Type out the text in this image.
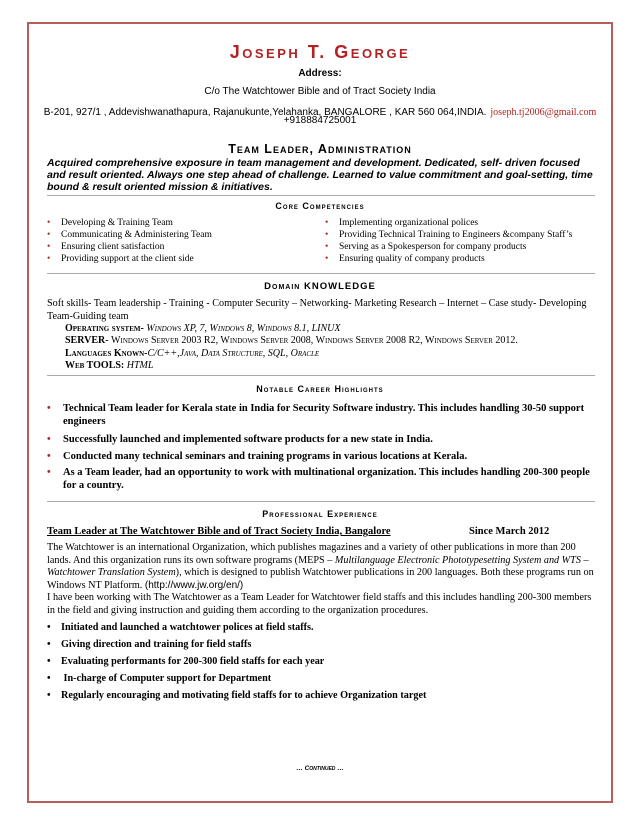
Joseph T. George
Address:
C/o The Watchtower Bible and of Tract Society India
B-201, 927/1 , Addevishwanathapura, Rajanukunte,Yelahanka, BANGALORE , KAR 560 064,INDIA. joseph.tj2006@gmail.com
+918884725001
Team Leader, Administration
Acquired comprehensive exposure in team management and development. Dedicated, self- driven focused and result oriented. Always one step ahead of challenge. Learned to value commitment and goal-setting, time bound & result oriented mission & initiatives.
Core Competencies
• Developing & Training Team
• Communicating & Administering Team
• Ensuring client satisfaction
• Providing support at the client side
• Implementing organizational polices
• Providing Technical Training to Engineers &company Staff’s
• Serving as a Spokesperson for company products
• Ensuring quality of company products
Domain KNOWLEDGE
Soft skills- Team leadership - Training - Computer Security – Networking- Marketing Research – Internet – Case study- Developing Team-Guiding team
Operating system- Windows XP, 7, Windows 8, Windows 8.1, LINUX
SERVER- Windows Server 2003 R2, Windows Server 2008, Windows Server 2008 R2, Windows Server 2012.
Languages Known-C/C++,Java, Data Structure, SQL, Oracle
Web TOOLS: HTML
Notable Career Highlights
• Technical Team leader for Kerala state in India for Security Software industry. This includes handling 30-50 support engineers
• Successfully launched and implemented software products for a new state in India.
• Conducted many technical seminars and training programs in various locations at Kerala.
• As a Team leader, had an opportunity to work with multinational organization. This includes handling 200-300 people for a country.
Professional Experience
Team Leader at The Watchtower Bible and of Tract Society India, Bangalore	Since March 2012
The Watchtower is an international Organization, which publishes magazines and a variety of other publications in more than 200 lands. And this organization runs its own software programs (MEPS – Multilanguage Electronic Phototypesetting System and WTS – Watchtower Translation System), which is designed to publish Watchtower publications in 200 languages. Both these programs run on Windows NT Platform. (http://www.jw.org/en/)
I have been working with The Watchtower as a Team Leader for Watchtower field staffs and this includes handling 200-300 members in the field and giving instruction and guiding them according to the organization procedures.
• Initiated and launched a watchtower polices at field staffs.
• Giving direction and training for field staffs
• Evaluating performants for 200-300 field staffs for each year
• In-charge of Computer support for Department
• Regularly encouraging and motivating field staffs for to achieve Organization target
… Continued …
